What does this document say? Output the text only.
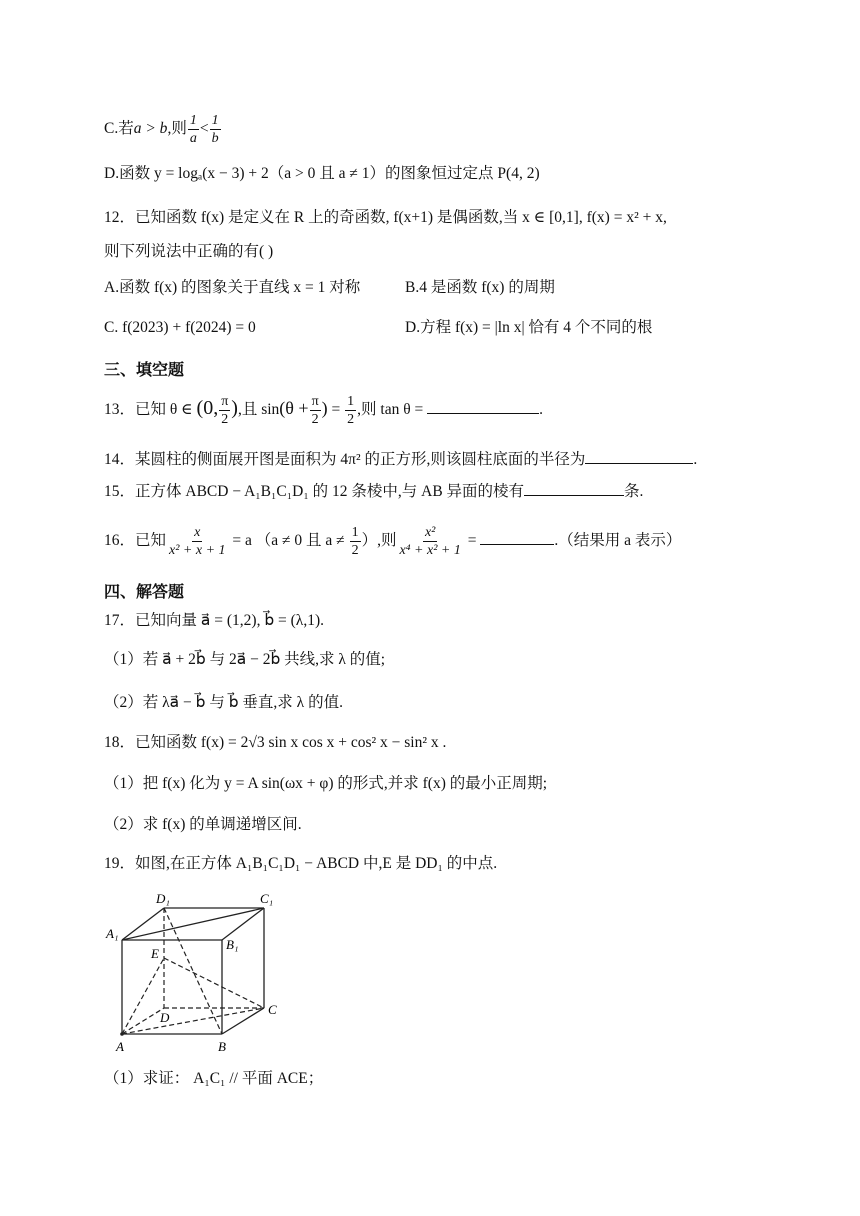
C.若a > b,则 $\frac{1}{a} < \frac{1}{b}$
D.函数 y = logₐ(x − 3) + 2（a > 0 且 a ≠ 1）的图象恒过定点 P(4, 2)
12．已知函数 f(x) 是定义在 R 上的奇函数, f(x+1) 是偶函数,当 x ∈ [0,1], f(x) = x² + x,
则下列说法中正确的有( )
A.函数 f(x) 的图象关于直线 x = 1 对称	B.4 是函数 f(x) 的周期
C. f(2023) + f(2024) = 0	D.方程 f(x) = |ln x| 恰有 4 个不同的根
三、填空题
13．已知 θ ∈ (0, $\frac{\pi}{2}$ ),且 $\sin(\theta + \frac{\pi}{2}$ ) = $\frac{1}{2}$ ,则 tan θ =	.
14．某圆柱的侧面展开图是面积为 4π² 的正方形,则该圆柱底面的半径为	.
15．正方体 ABCD − A₁B₁C₁D₁ 的 12 条棱中,与 AB 异面的棱有	条.
16．已知 $\frac{x}{\text{x² + x + 1}} = a$ （a ≠ 0 且 $a \ne \frac{1}{2}$ ）,则 $\frac{\text{x²}}{\text{x⁴ + x² + 1}}$ =	.（结果用 a 表示）
四、解答题
17．已知向量 a⃗ = (1,2), b⃗ = (λ,1).
（1）若 a⃗ + 2b⃗ 与 2a⃗ − 2b⃗ 共线,求 λ 的值;
（2）若 λa⃗ − b⃗ 与 b⃗ 垂直,求 λ 的值.
18．已知函数 f(x) = 2√3 sin x cos x + cos² x − sin² x .
（1）把 f(x) 化为 y = A sin(ωx + φ) 的形式,并求 f(x) 的最小正周期;
（2）求 f(x) 的单调递增区间.
19．如图,在正方体 A₁B₁C₁D₁ − ABCD 中,E 是 DD₁ 的中点.
D₁	C₁
A₁
B₁
E
D
C
A	B
（1）求证： A₁C₁ // 平面 ACE；
